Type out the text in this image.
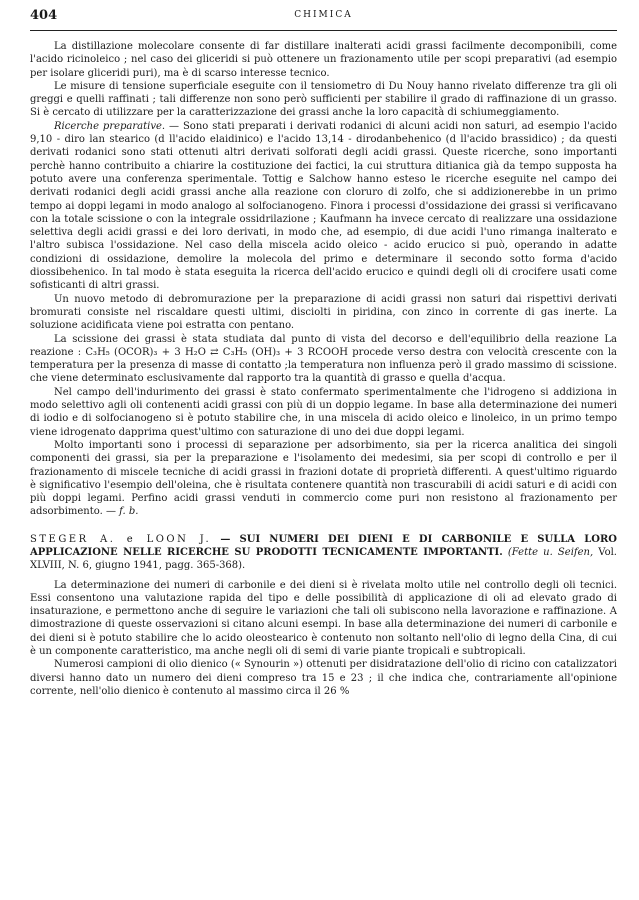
404	CHIMICA

La distillazione molecolare consente di far distillare inalterati acidi grassi facilmente decomponibili, come l'acido ricinoleico ; nel caso dei gliceridi si può ottenere un frazionamento utile per scopi preparativi (ad esempio per isolare gliceridi puri), ma è di scarso interesse tecnico.

Le misure di tensione superficiale eseguite con il tensiometro di Du Nouy hanno rivelato differenze tra gli oli greggi e quelli raffinati ; tali differenze non sono però sufficienti per stabilire il grado di raffinazione di un grasso. Si è cercato di utilizzare per la caratterizzazione dei grassi anche la loro capacità di schiumeggiamento.

Ricerche preparative. — Sono stati preparati i derivati rodanici di alcuni acidi non saturi, ad esempio l'acido 9,10 - diro lan stearico (d ll'acido elaidinico) e l'acido 13,14 - dirodanbehenico (d ll'acido brassidico) ; da questi derivati rodanici sono stati ottenuti altri derivati solforati degli acidi grassi. Queste ricerche, sono importanti perchè hanno contribuito a chiarire la costituzione dei factici, la cui struttura ditianica già da tempo supposta ha potuto avere una conferenza sperimentale. Tottig e Salchow hanno esteso le ricerche eseguite nel campo dei derivati rodanici degli acidi grassi anche alla reazione con cloruro di zolfo, che si addizionerebbe in un primo tempo ai doppi legami in modo analogo al solfocianogeno. Finora i processi d'ossidazione dei grassi si verificavano con la totale scissione o con la integrale ossidrilazione ; Kaufmann ha invece cercato di realizzare una ossidazione selettiva degli acidi grassi e dei loro derivati, in modo che, ad esempio, di due acidi l'uno rimanga inalterato e l'altro subisca l'ossidazione. Nel caso della miscela acido oleico - acido erucico si può, operando in adatte condizioni di ossidazione, demolire la molecola del primo e determinare il secondo sotto forma d'acido diossibehenico. In tal modo è stata eseguita la ricerca dell'acido erucico e quindi degli oli di crocifere usati come sofisticanti di altri grassi.

Un nuovo metodo di debromurazione per la preparazione di acidi grassi non saturi dai rispettivi derivati bromurati consiste nel riscaldare questi ultimi, disciolti in piridina, con zinco in corrente di gas inerte. La soluzione acidificata viene poi estratta con pentano.

La scissione dei grassi è stata studiata dal punto di vista del decorso e dell'equilibrio della reazione La reazione : C₃H₅ (OCOR)₃ + 3 H₂O ⇄ C₃H₅ (OH)₃ + 3 RCOOH procede verso destra con velocità crescente con la temperatura per la presenza di masse di contatto ;la temperatura non influenza però il grado massimo di scissione. che viene determinato esclusivamente dal rapporto tra la quantità di grasso e quella d'acqua.

Nel campo dell'indurimento dei grassi è stato confermato sperimentalmente che l'idrogeno si addiziona in modo selettivo agli oli contenenti acidi grassi con più di un doppio legame. In base alla determinazione dei numeri di iodio e di solfocianogeno si è potuto stabilire che, in una miscela di acido oleico e linoleico, in un primo tempo viene idrogenato dapprima quest'ultimo con saturazione di uno dei due doppi legami.

Molto importanti sono i processi di separazione per adsorbimento, sia per la ricerca analitica dei singoli componenti dei grassi, sia per la preparazione e l'isolamento dei medesimi, sia per scopi di controllo e per il frazionamento di miscele tecniche di acidi grassi in frazioni dotate di proprietà differenti. A quest'ultimo riguardo è significativo l'esempio dell'oleina, che è risultata contenere quantità non trascurabili di acidi saturi e di acidi con più doppi legami. Perfino acidi grassi venduti in commercio come puri non resistono al frazionamento per adsorbimento. — f. b.

STEGER A. e LOON J. — SUI NUMERI DEI DIENI E DI CARBONILE E SULLA LORO APPLICAZIONE NELLE RICERCHE SU PRODOTTI TECNICAMENTE IMPORTANTI. (Fette u. Seifen, Vol. XLVIII, N. 6, giugno 1941, pagg. 365-368).

La determinazione dei numeri di carbonile e dei dieni si è rivelata molto utile nel controllo degli oli tecnici. Essi consentono una valutazione rapida del tipo e delle possibilità di applicazione di oli ad elevato grado di insaturazione, e permettono anche di seguire le variazioni che tali oli subiscono nella lavorazione e raffinazione. A dimostrazione di queste osservazioni si citano alcuni esempi. In base alla determinazione dei numeri di carbonile e dei dieni si è potuto stabilire che lo acido oleostearico è contenuto non soltanto nell'olio di legno della Cina, di cui è un componente caratteristico, ma anche negli oli di semi di varie piante tropicali e subtropicali.

Numerosi campioni di olio dienico (« Synourin ») ottenuti per disidratazione dell'olio di ricino con catalizzatori diversi hanno dato un numero dei dieni compreso tra 15 e 23 ; il che indica che, contrariamente all'opinione corrente, nell'olio dienico è contenuto al massimo circa il 26 %
